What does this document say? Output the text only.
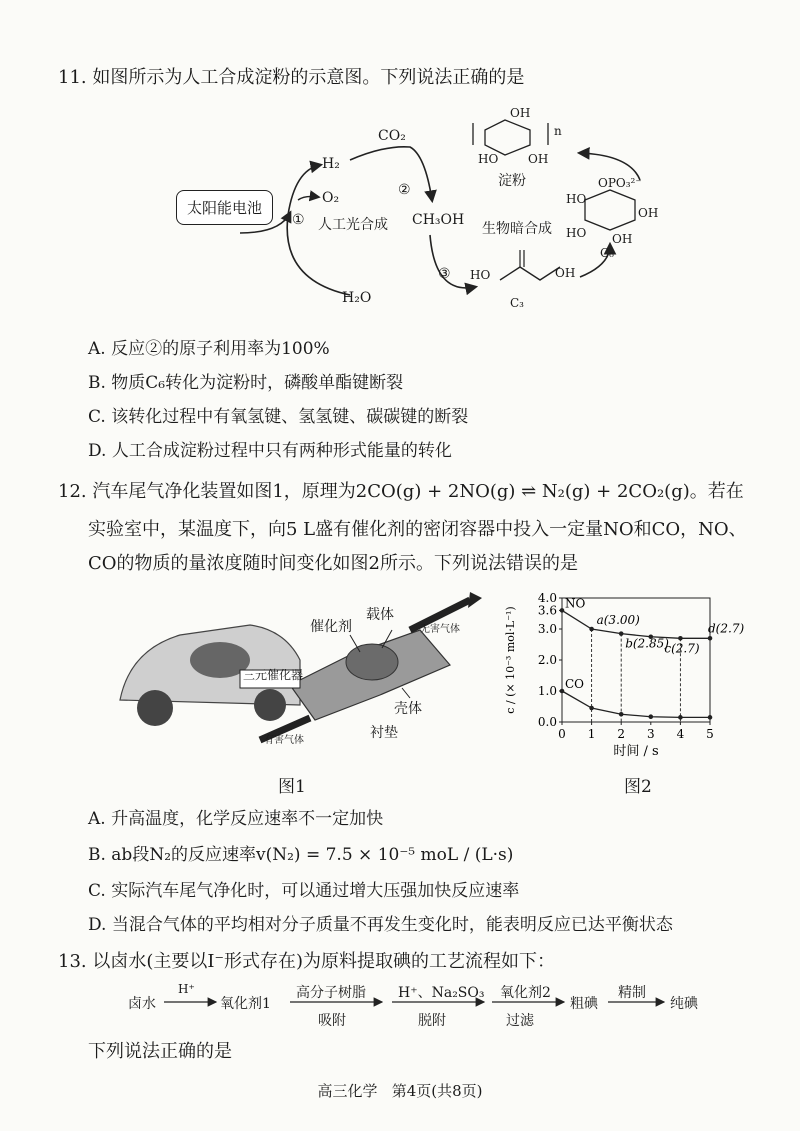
11. 如图所示为人工合成淀粉的示意图。下列说法正确的是
太阳能电池
H₂
O₂
H₂O
CO₂
CH₃OH
①
②
③
人工光合成	生物暗合成
HO	OH
C₃
淀粉
OH
HO OH
n
OPO₃²⁻
HO
OH
HO OH
C₆
A. 反应②的原子利用率为100%
B. 物质C₆转化为淀粉时，磷酸单酯键断裂
C. 该转化过程中有氧氢键、氢氢键、碳碳键的断裂
D. 人工合成淀粉过程中只有两种形式能量的转化
12. 汽车尾气净化装置如图1，原理为2CO(g) + 2NO(g) ⇌ N₂(g) + 2CO₂(g)。若在
实验室中，某温度下，向5 L盛有催化剂的密闭容器中投入一定量NO和CO，NO、
CO的物质的量浓度随时间变化如图2所示。下列说法错误的是
三元催化器
催化剂
载体
壳体
衬垫
有害气体
无害气体
图1
0.0
1.0
2.0
3.0
3.6
4.0
0 1 2 3 4 5
时间 / s
c / (× 10⁻³ mol·L⁻¹)
NO
CO
a(3.00)
b(2.85)
c(2.7)
d(2.7)
图2
A. 升高温度，化学反应速率不一定加快
B. ab段N₂的反应速率v(N₂) = 7.5 × 10⁻⁵ moL / (L·s)
C. 实际汽车尾气净化时，可以通过增大压强加快反应速率
D. 当混合气体的平均相对分子质量不再发生变化时，能表明反应已达平衡状态
13. 以卤水(主要以I⁻形式存在)为原料提取碘的工艺流程如下：
卤水
H⁺
氧化剂1
高分子树脂
吸附
H⁺、Na₂SO₃
脱附
氧化剂2
过滤
粗碘
精制
纯碘
下列说法正确的是
高三化学   第4页(共8页)
